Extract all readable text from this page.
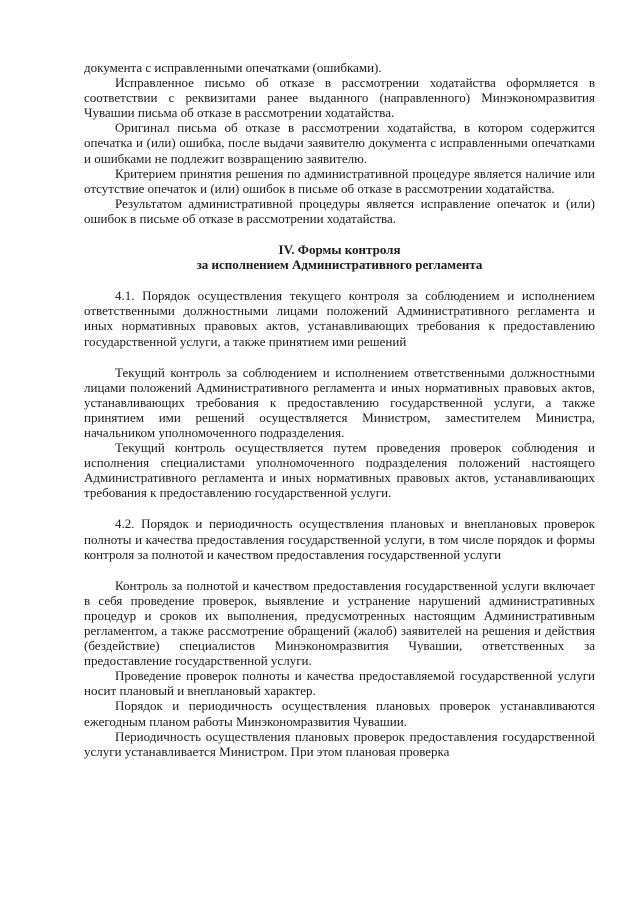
документа с исправленными опечатками (ошибками).

Исправленное письмо об отказе в рассмотрении ходатайства оформляется в соответствии с реквизитами ранее выданного (направленного) Минэкономразвития Чувашии письма об отказе в рассмотрении ходатайства.

Оригинал письма об отказе в рассмотрении ходатайства, в котором содержится опечатка и (или) ошибка, после выдачи заявителю документа с исправленными опечатками и ошибками не подлежит возвращению заявителю.

Критерием принятия решения по административной процедуре является наличие или отсутствие опечаток и (или) ошибок в письме об отказе в рассмотрении ходатайства.

Результатом административной процедуры является исправление опечаток и (или) ошибок в письме об отказе в рассмотрении ходатайства.

IV. Формы контроля
за исполнением Административного регламента

4.1. Порядок осуществления текущего контроля за соблюдением и исполнением ответственными должностными лицами положений Административного регламента и иных нормативных правовых актов, устанавливающих требования к предоставлению государственной услуги, а также принятием ими решений

Текущий контроль за соблюдением и исполнением ответственными должностными лицами положений Административного регламента и иных нормативных правовых актов, устанавливающих требования к предоставлению государственной услуги, а также принятием ими решений осуществляется Министром, заместителем Министра, начальником уполномоченного подразделения.

Текущий контроль осуществляется путем проведения проверок соблюдения и исполнения специалистами уполномоченного подразделения положений настоящего Административного регламента и иных нормативных правовых актов, устанавливающих требования к предоставлению государственной услуги.

4.2. Порядок и периодичность осуществления плановых и внеплановых проверок полноты и качества предоставления государственной услуги, в том числе порядок и формы контроля за полнотой и качеством предоставления государственной услуги

Контроль за полнотой и качеством предоставления государственной услуги включает в себя проведение проверок, выявление и устранение нарушений административных процедур и сроков их выполнения, предусмотренных настоящим Административным регламентом, а также рассмотрение обращений (жалоб) заявителей на решения и действия (бездействие) специалистов Минэкономразвития Чувашии, ответственных за предоставление государственной услуги.

Проведение проверок полноты и качества предоставляемой государственной услуги носит плановый и внеплановый характер.

Порядок и периодичность осуществления плановых проверок устанавливаются ежегодным планом работы Минэкономразвития Чувашии.

Периодичность осуществления плановых проверок предоставления государственной услуги устанавливается Министром. При этом плановая проверка
